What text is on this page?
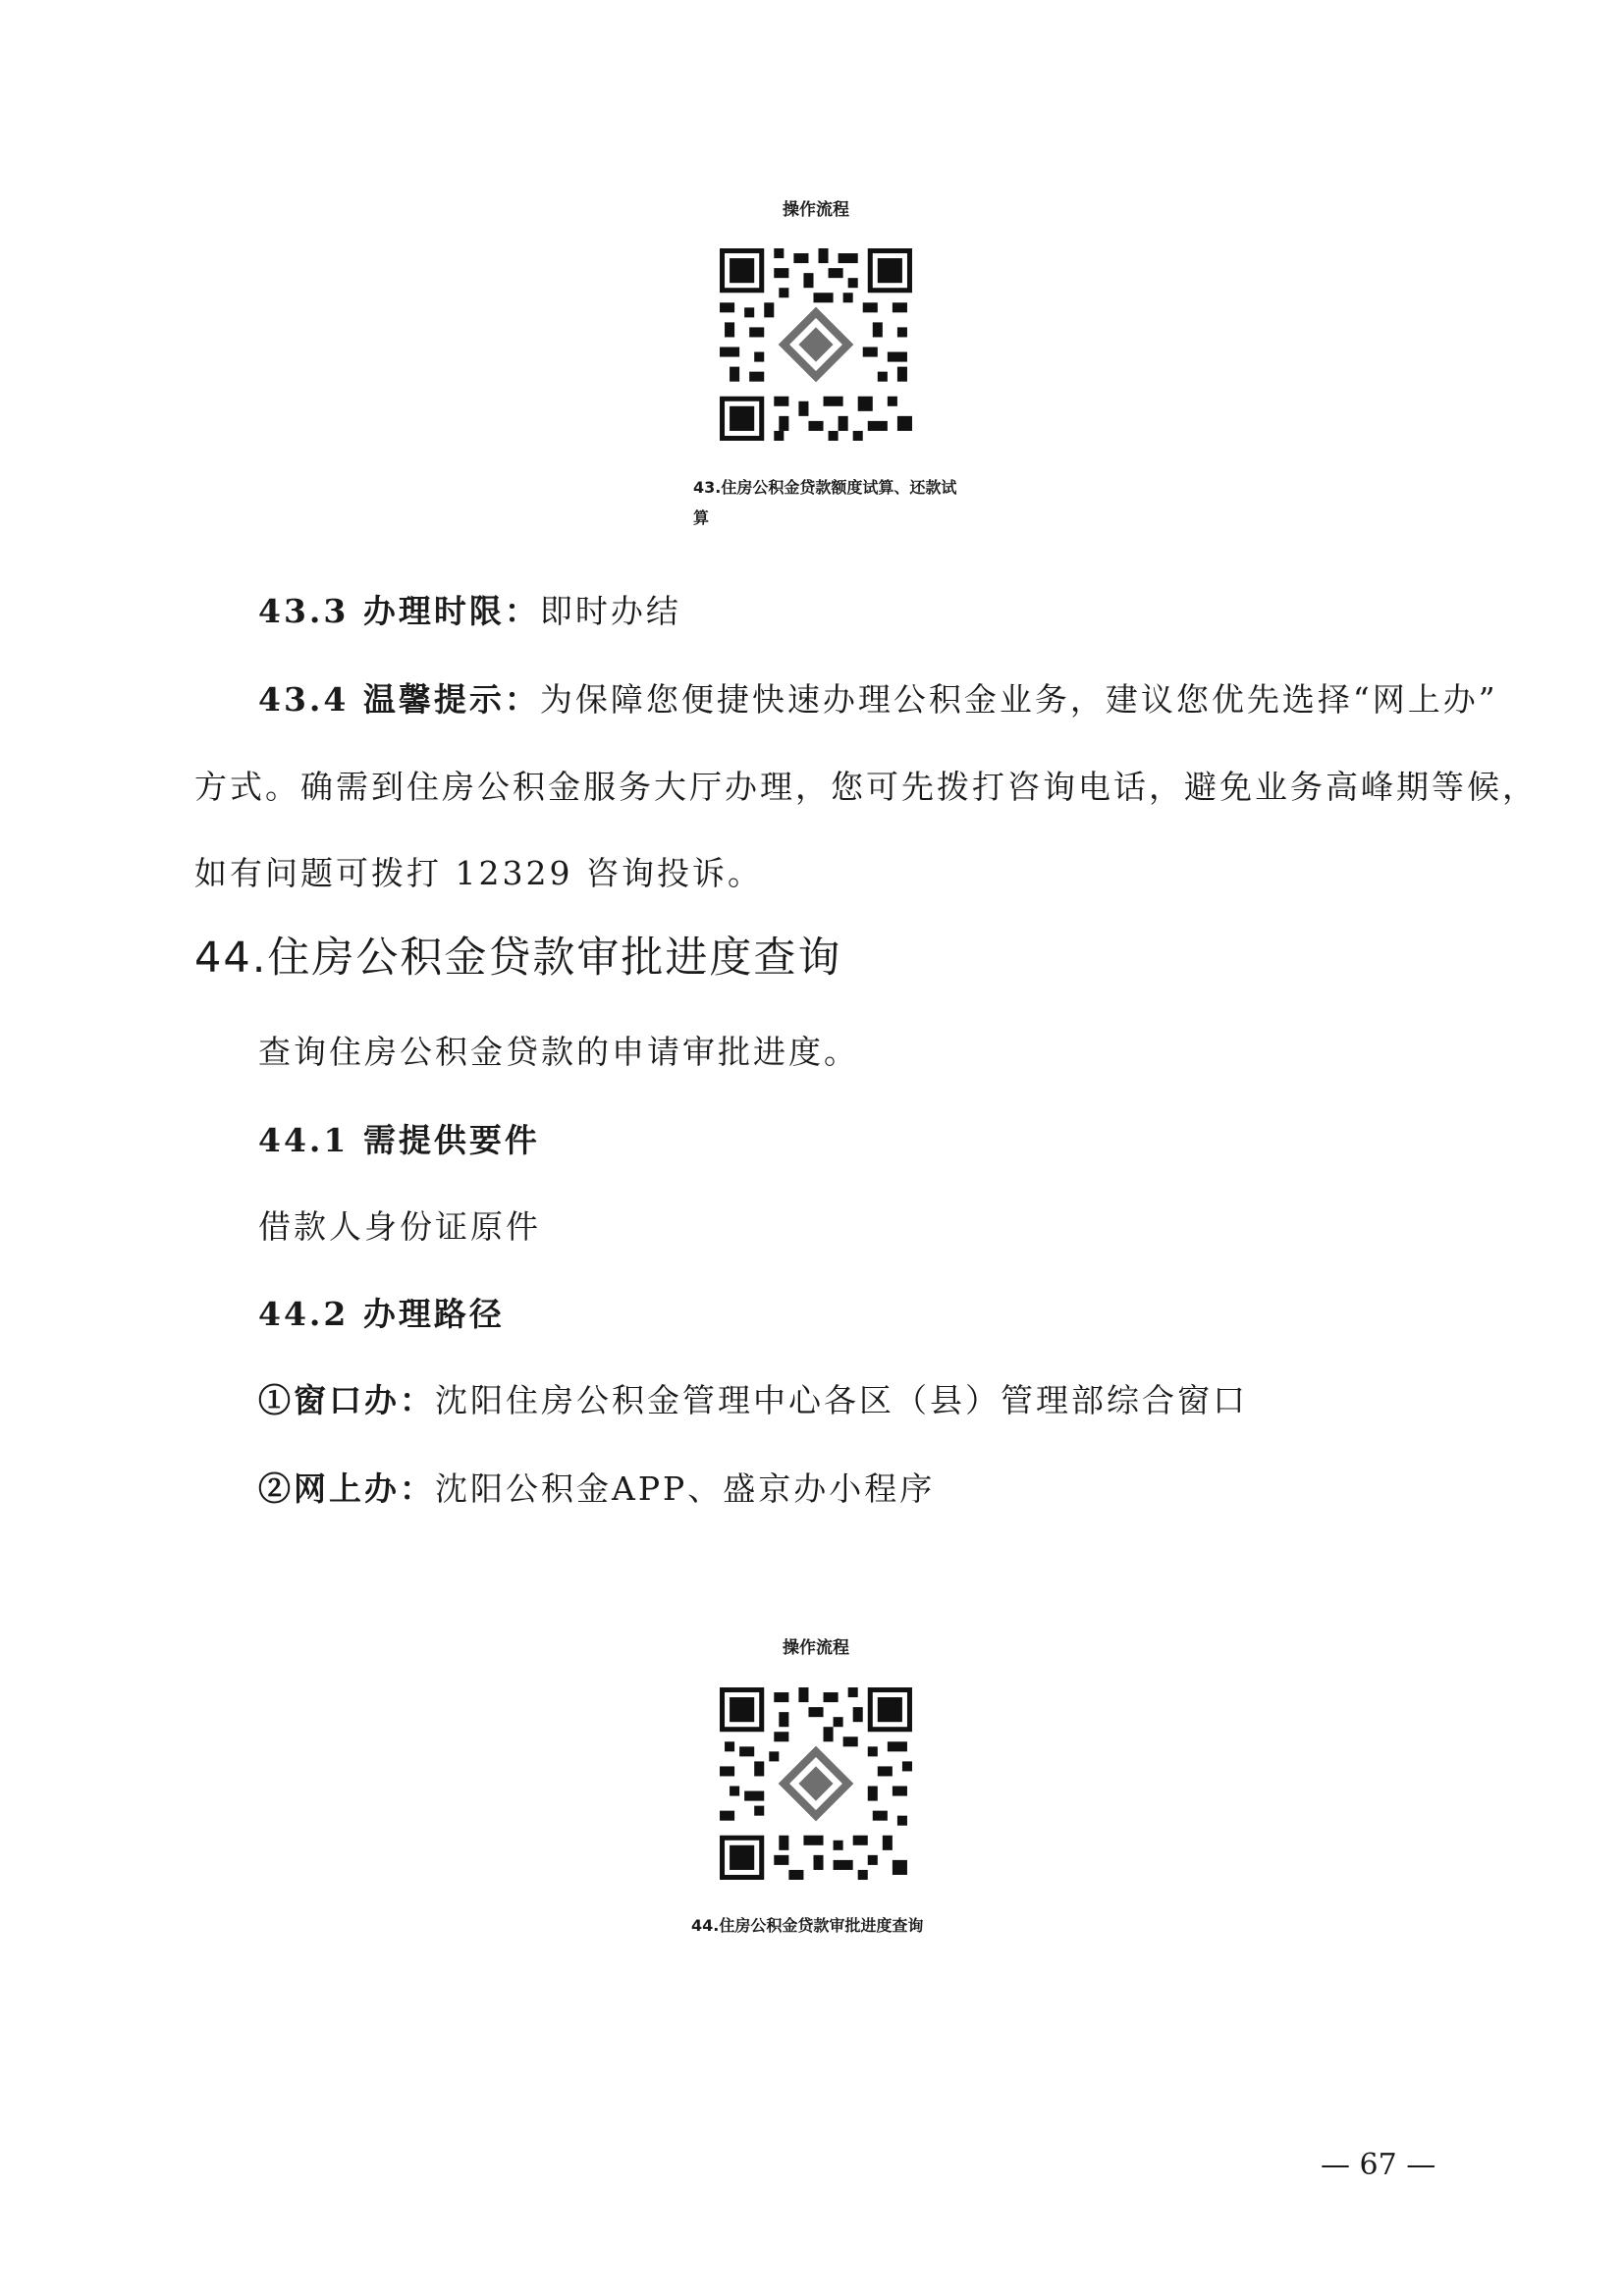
操作流程
43.住房公积金贷款额度试算、还款试算
43.3 办理时限：即时办结
43.4 温馨提示：为保障您便捷快速办理公积金业务，建议您优先选择“网上办”
方式。确需到住房公积金服务大厅办理，您可先拨打咨询电话，避免业务高峰期等候，
如有问题可拨打 12329 咨询投诉。
44.住房公积金贷款审批进度查询
查询住房公积金贷款的申请审批进度。
44.1 需提供要件
借款人身份证原件
44.2 办理路径
①窗口办：沈阳住房公积金管理中心各区（县）管理部综合窗口
②网上办：沈阳公积金APP、盛京办小程序
操作流程
44.住房公积金贷款审批进度查询
— 67 —
